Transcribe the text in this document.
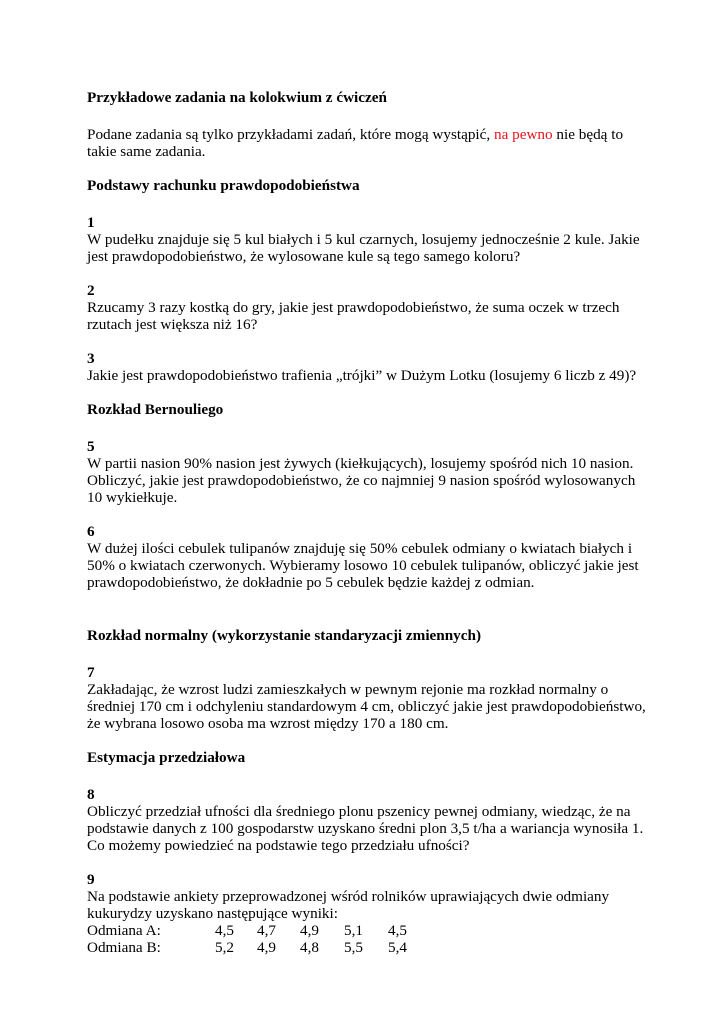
Przykładowe zadania na kolokwium z ćwiczeń

Podane zadania są tylko przykładami zadań, które mogą wystąpić, na pewno nie będą to takie same zadania.

Podstawy rachunku prawdopodobieństwa

1

W pudełku znajduje się 5 kul białych i 5 kul czarnych, losujemy jednocześnie 2 kule. Jakie jest prawdopodobieństwo, że wylosowane kule są tego samego koloru?

2

Rzucamy 3 razy kostką do gry, jakie jest prawdopodobieństwo, że suma oczek w trzech rzutach jest większa niż 16?

3

Jakie jest prawdopodobieństwo trafienia „trójki” w Dużym Lotku (losujemy 6 liczb z 49)?

Rozkład Bernouliego

5

W partii nasion 90% nasion jest żywych (kiełkujących), losujemy spośród nich 10 nasion. Obliczyć, jakie jest prawdopodobieństwo, że co najmniej 9 nasion spośród wylosowanych 10 wykiełkuje.

6

W dużej ilości cebulek tulipanów znajduję się 50% cebulek odmiany o kwiatach białych i 50% o kwiatach czerwonych. Wybieramy losowo 10 cebulek tulipanów, obliczyć jakie jest prawdopodobieństwo, że dokładnie po 5 cebulek będzie każdej z odmian.

Rozkład normalny (wykorzystanie standaryzacji zmiennych)

7

Zakładając, że wzrost ludzi zamieszkałych w pewnym rejonie ma rozkład normalny o średniej 170 cm i odchyleniu standardowym 4 cm, obliczyć jakie jest prawdopodobieństwo, że wybrana losowo osoba ma wzrost między 170 a 180 cm.

Estymacja przedziałowa

8

Obliczyć przedział ufności dla średniego plonu pszenicy pewnej odmiany, wiedząc, że na podstawie danych z 100 gospodarstw uzyskano średni plon 3,5 t/ha a wariancja wynosiła 1. Co możemy powiedzieć na podstawie tego przedziału ufności?

9

Na podstawie ankiety przeprowadzonej wśród rolników uprawiających dwie odmiany kukurydzy uzyskano następujące wyniki:

Odmiana A:	4,5	4,7	4,9	5,1	4,5
Odmiana B:	5,2	4,9	4,8	5,5	5,4
